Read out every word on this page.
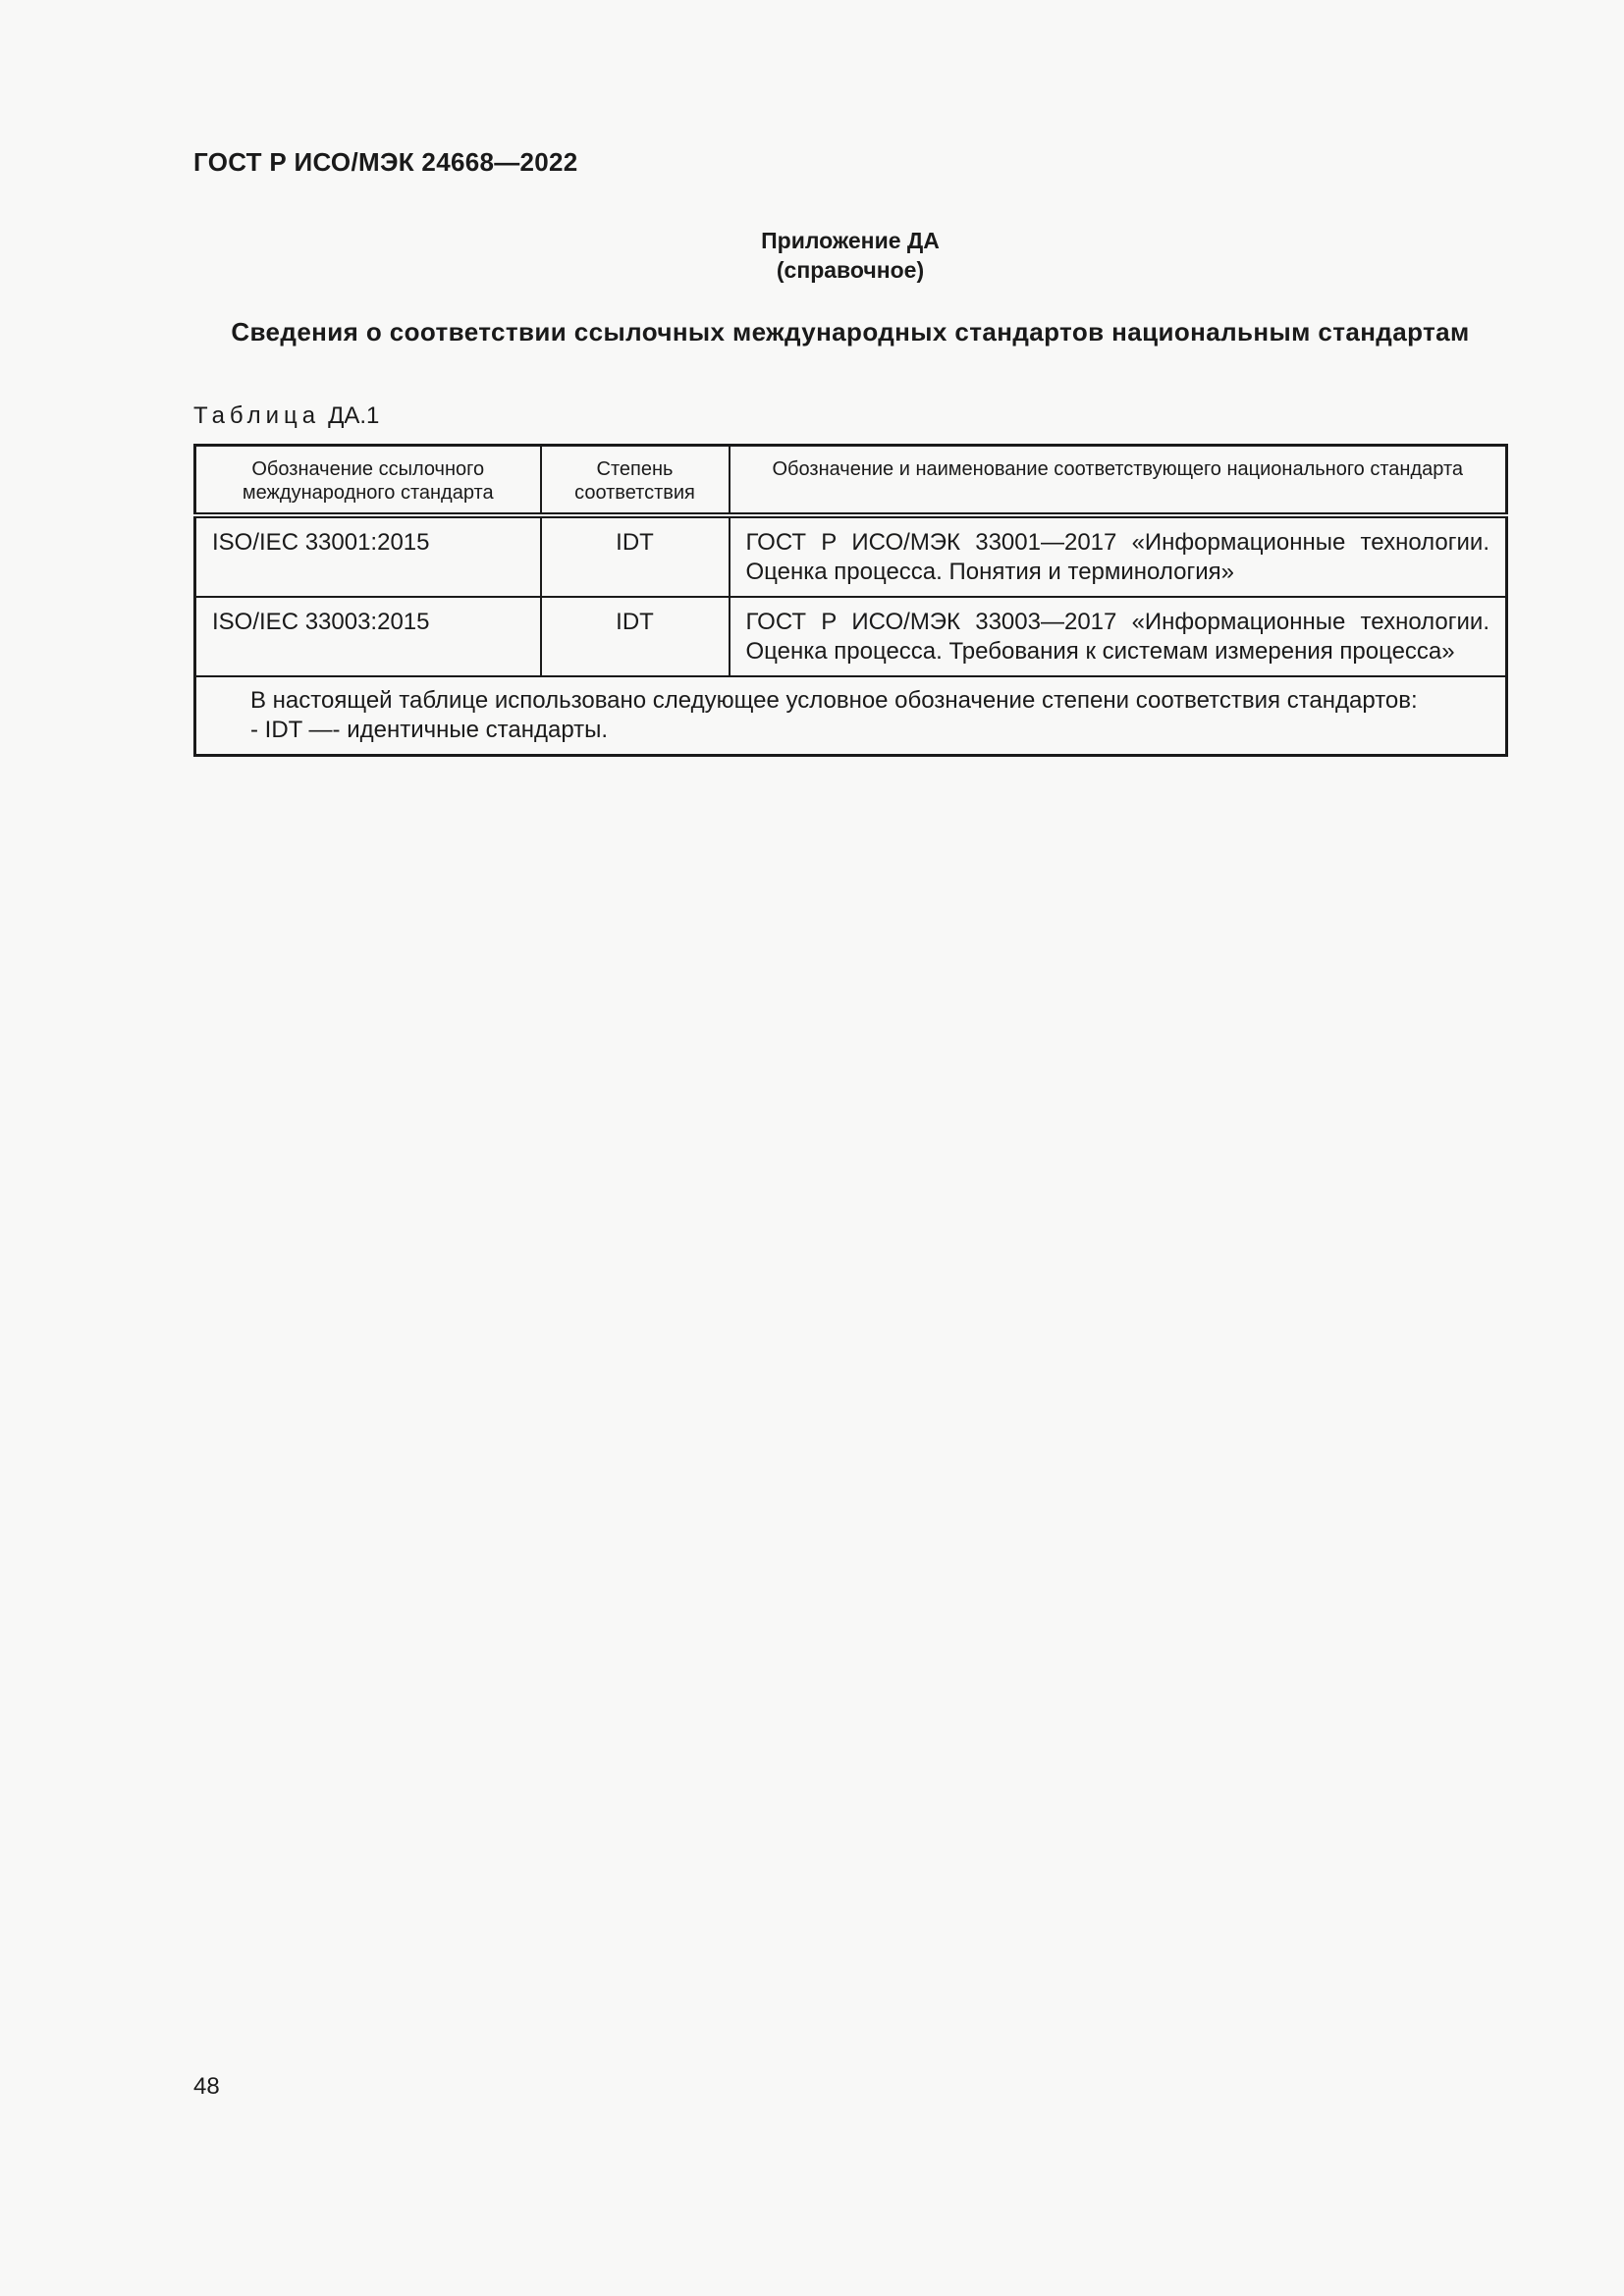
ГОСТ Р ИСО/МЭК 24668—2022
Приложение ДА
(справочное)
Сведения о соответствии ссылочных международных стандартов национальным стандартам
Таблица ДА.1
Обозначение ссылочного международного стандарта	Степень соответствия	Обозначение и наименование соответствующего национального стандарта
ISO/IEC 33001:2015	IDT	ГОСТ Р ИСО/МЭК 33001—2017 «Информационные технологии. Оценка процесса. Понятия и терминология»
ISO/IEC 33003:2015	IDT	ГОСТ Р ИСО/МЭК 33003—2017 «Информационные технологии. Оценка процесса. Требования к системам измерения процесса»

В настоящей таблице использовано следующее условное обозначение степени соответствия стандартов:
- IDT —- идентичные стандарты.		
48
